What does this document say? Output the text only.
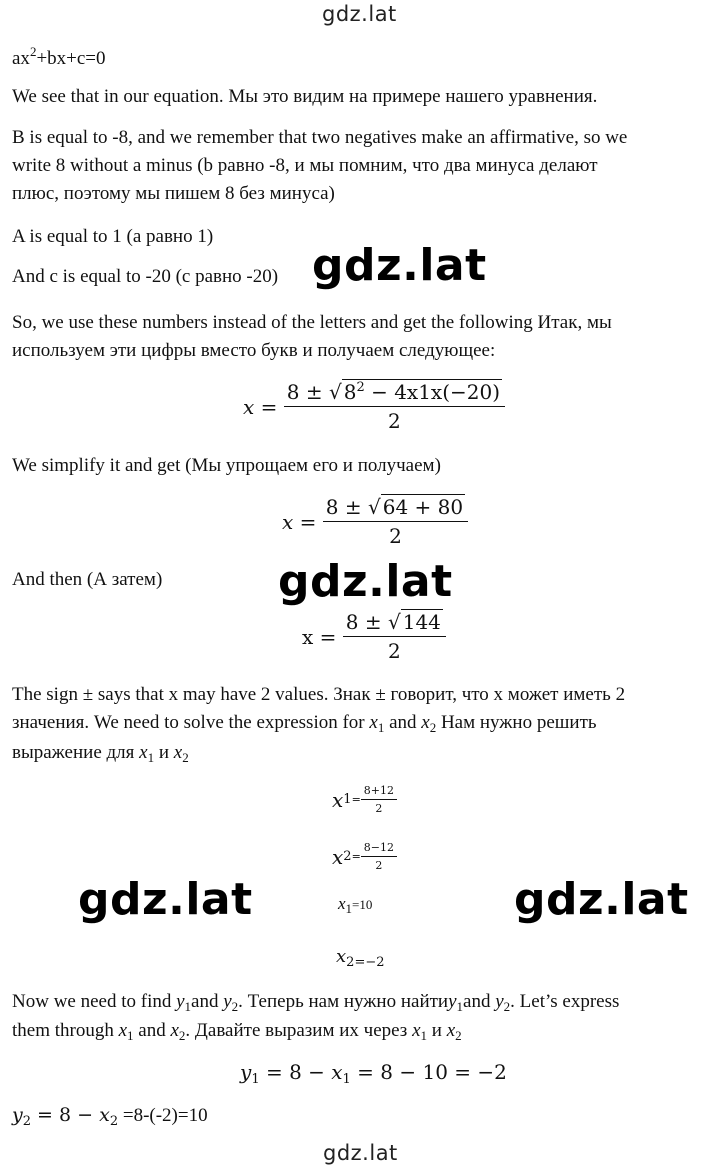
gdz.lat
$ax^2+bx+c=0$
We see that in our equation. Мы это видим на примере нашего уравнения.
B is equal to -8, and we remember that two negatives make an affirmative, so we
write 8 without a minus (b равно -8, и мы помним, что два минуса делают
плюс, поэтому мы пишем 8 без минуса)
A is equal to 1 (a равно 1)
And c is equal to -20 (c равно -20) gdz.lat
So, we use these numbers instead of the letters and get the following Итак, мы
используем эти цифры вместо букв и получаем следующее:
x =
$\frac{8 \pm √ 8^2 - 4x1x(-20)}{2}$
We simplify it and get (Мы упрощаем его и получаем)
x =
$\frac{8 \pm √ 64 + 80}{2}$
And then (А затем)	gdz.lat
x =
$\frac{8 \pm √ 144}{2}$
The sign ± says that x may have 2 values. Знак ± говорит, что x может иметь 2
значения. We need to solve the expression for $x_1$ and $x_2$ Нам нужно решить
выражение для $x_1$ и $x_2$
x $1 = \frac{8+12}{2}$
x $2 = \frac{8-12}{2}$
gdz.lat	gdz.lat
$x_1=10$
$x_{2=-2}$
Now we need to find $y_1and$ $y_2$. Теперь нам нужно найтиy$_1$and $y_2$. Let’s express
them through $x_1$ and $x_2$. Давайте выразим их через $x_1$ и $x_2$
$y_1 = 8 - x_1 = 8 - 10 = -2$
$y_2 = 8 - x_2 =8-(-2)=10$
gdz.lat
